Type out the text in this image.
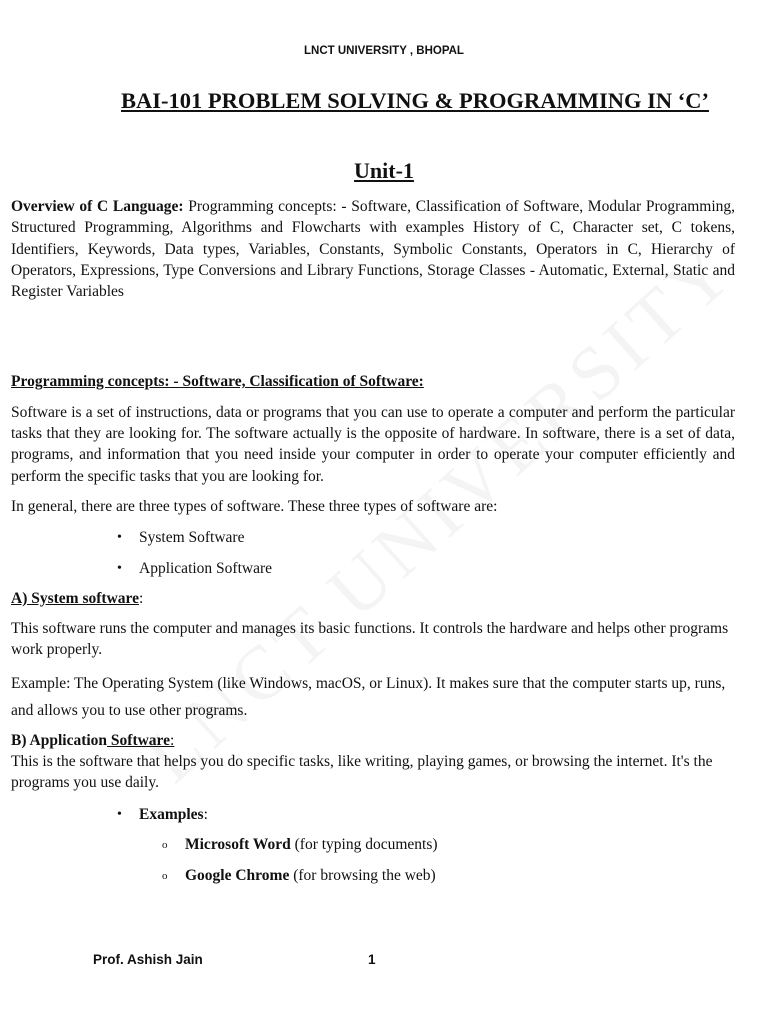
LNCT UNIVERSITY , BHOPAL
BAI-101 PROBLEM SOLVING & PROGRAMMING IN ‘C’
Unit-1

Overview of C Language: Programming concepts: - Software, Classification of Software, Modular Programming, Structured Programming, Algorithms and Flowcharts with examples History of C, Character set, C tokens, Identifiers, Keywords, Data types, Variables, Constants, Symbolic Constants, Operators in C, Hierarchy of Operators, Expressions, Type Conversions and Library Functions, Storage Classes - Automatic, External, Static and Register Variables

Programming concepts: - Software, Classification of Software:

Software is a set of instructions, data or programs that you can use to operate a computer and perform the particular tasks that they are looking for. The software actually is the opposite of hardware. In software, there is a set of data, programs, and information that you need inside your computer in order to operate your computer efficiently and perform the specific tasks that you are looking for.

In general, there are three types of software. These three types of software are:

• System Software
• Application Software

A) System software:

This software runs the computer and manages its basic functions. It controls the hardware and helps other programs work properly.

Example: The Operating System (like Windows, macOS, or Linux). It makes sure that the computer starts up, runs, and allows you to use other programs.

B) Application Software:

This is the software that helps you do specific tasks, like writing, playing games, or browsing the internet. It's the programs you use daily.

• Examples:
o Microsoft Word (for typing documents)
o Google Chrome (for browsing the web)
Prof. Ashish Jain	1
